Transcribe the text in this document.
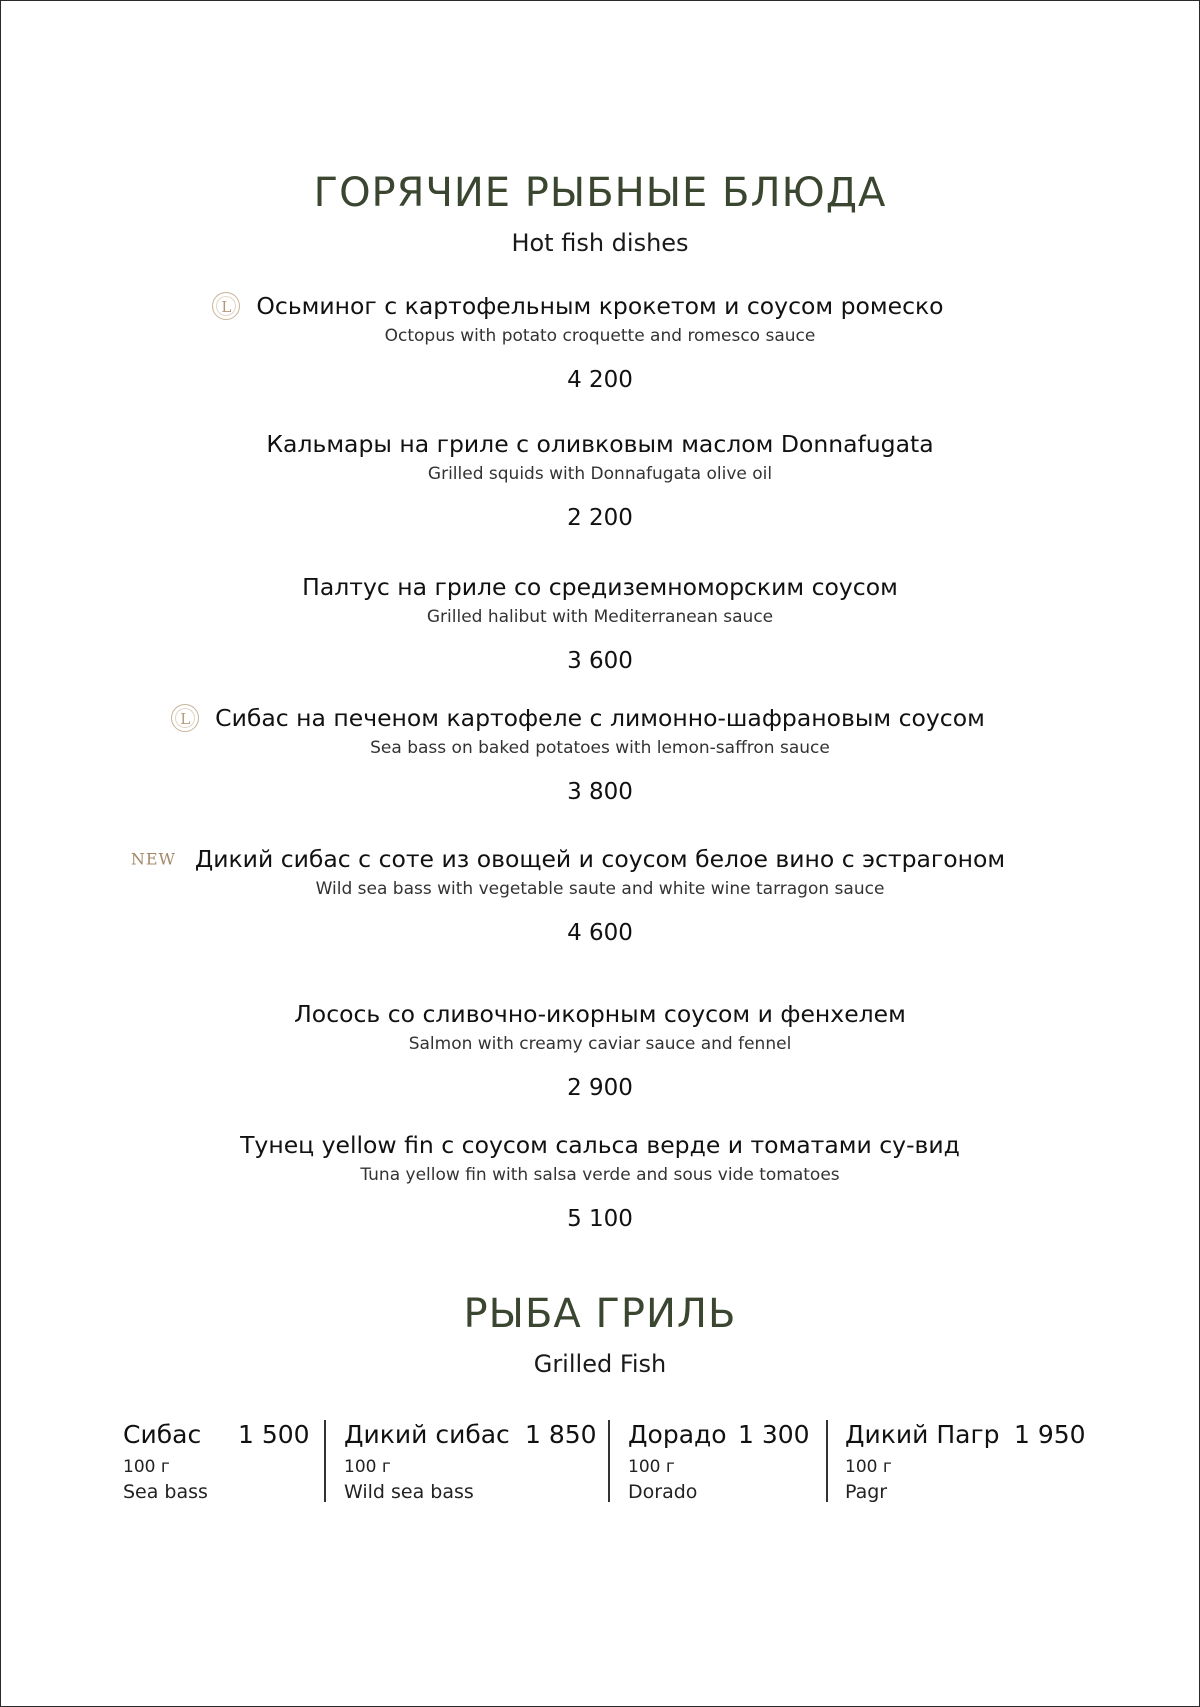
ГОРЯЧИЕ РЫБНЫЕ БЛЮДА
Hot fish dishes
L	Осьминог с картофельным крокетом и соусом ромеско
Octopus with potato croquette and romesco sauce
4 200
Кальмары на гриле с оливковым маслом Donnafugata
Grilled squids with Donnafugata olive oil
2 200
Палтус на гриле со средиземноморским соусом
Grilled halibut with Mediterranean sauce
3 600
L	Сибас на печеном картофеле с лимонно-шафрановым соусом
Sea bass on baked potatoes with lemon-saffron sauce
3 800
NEW Дикий сибас с соте из овощей и соусом белое вино с эстрагоном
Wild sea bass with vegetable saute and white wine tarragon sauce
4 600
Лосось со сливочно-икорным соусом и фенхелем
Salmon with creamy caviar sauce and fennel
2 900
Тунец yellow fin с соусом сальса верде и томатами су-вид
Tuna yellow fin with salsa verde and sous vide tomatoes
5 100
РЫБА ГРИЛЬ
Grilled Fish
Сибас 1 500
100 г
Sea bass
Дикий сибас 1 850
100 г
Wild sea bass
Дорадо 1 300
100 г
Dorado
Дикий Пагр 1 950
100 г
Pagr
